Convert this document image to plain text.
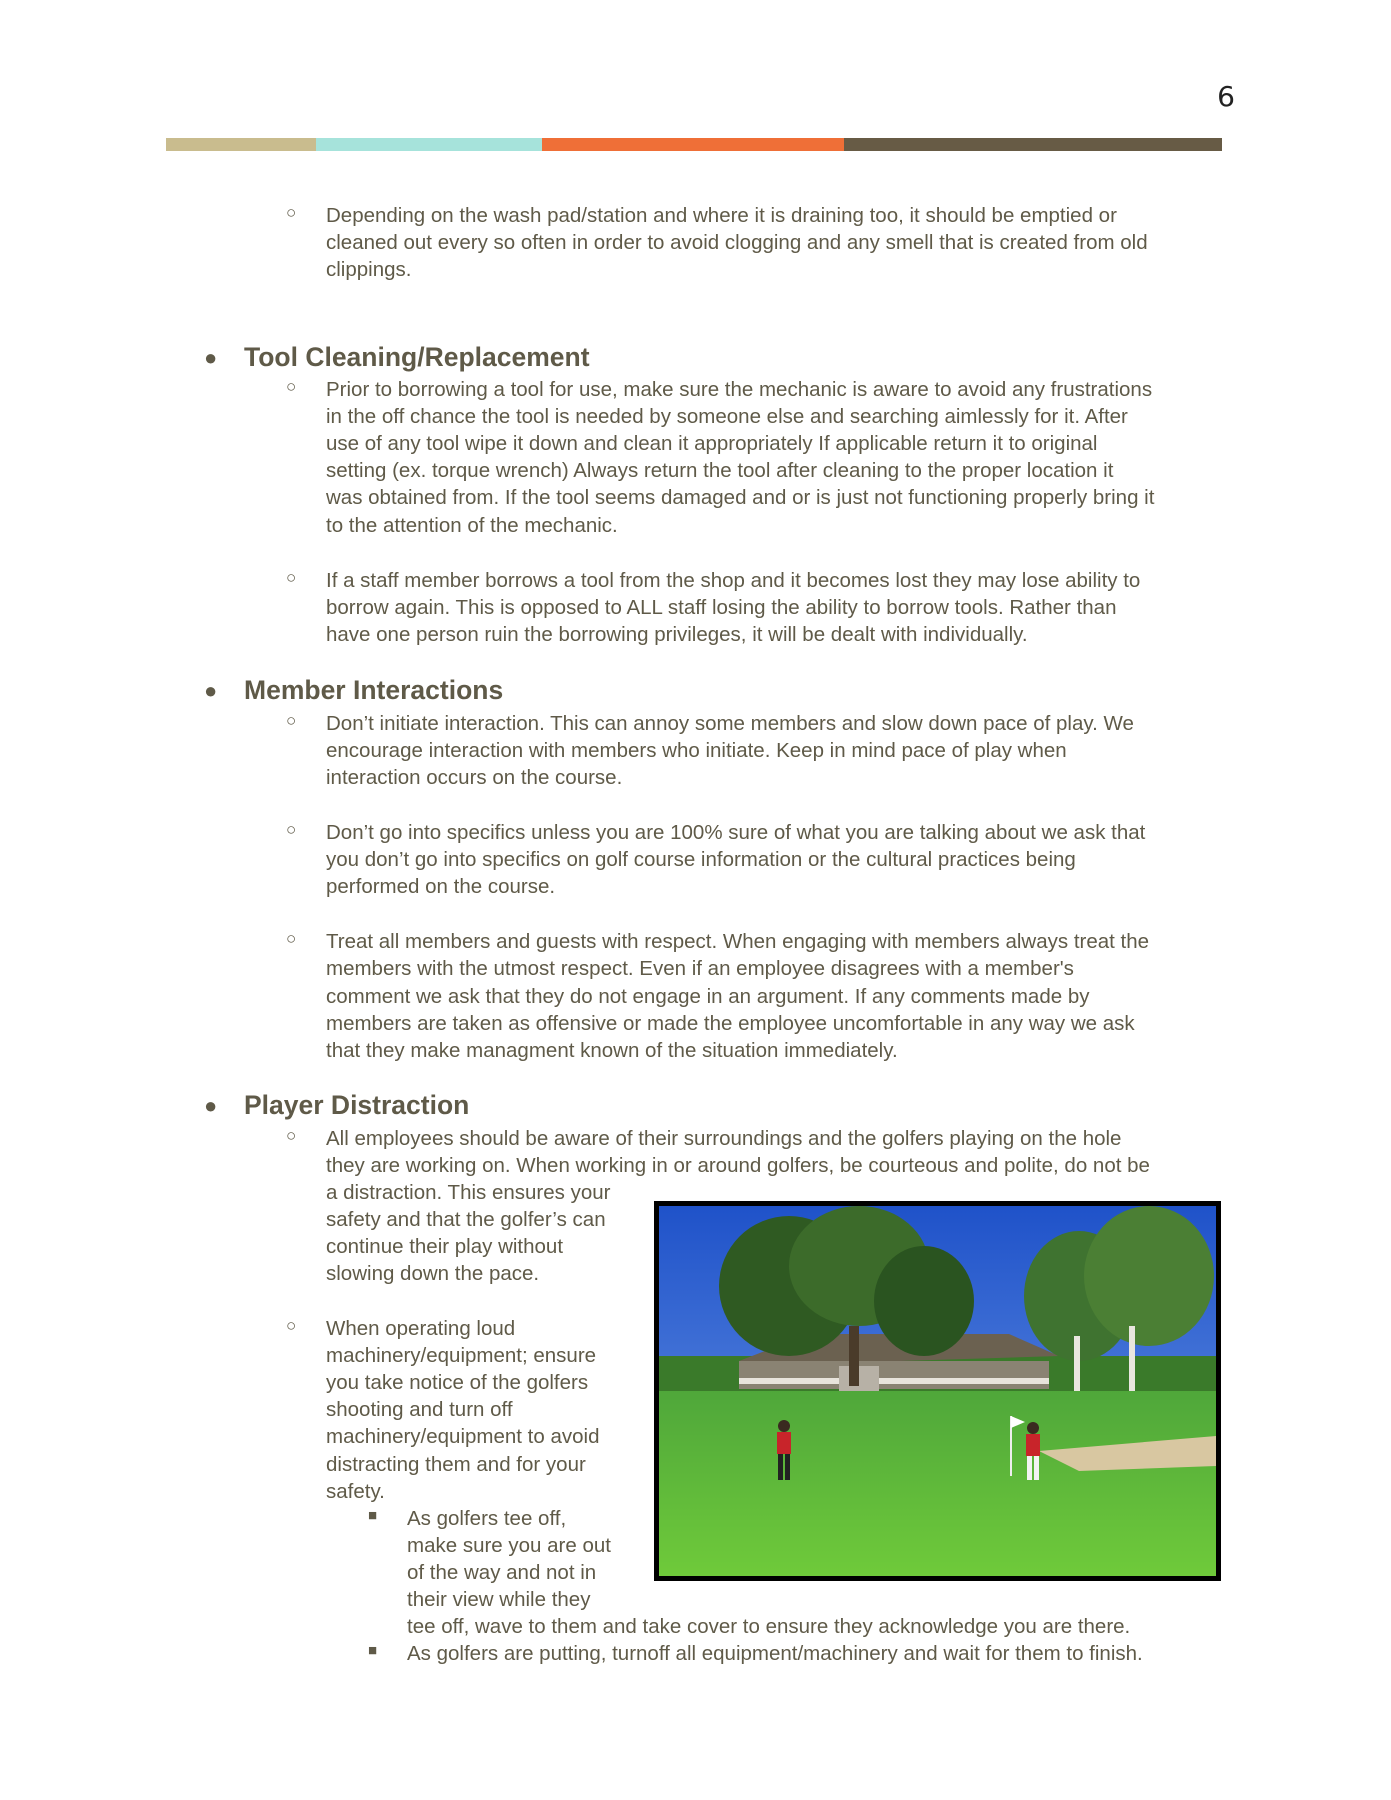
6
○ Depending on the wash pad/station and where it is draining too, it should be emptied or

cleaned out every so often in order to avoid clogging and any smell that is created from old

clippings.

● Tool Cleaning/Replacement
○ Prior to borrowing a tool for use, make sure the mechanic is aware to avoid any frustrations

in the off chance the tool is needed by someone else and searching aimlessly for it. After

use of any tool wipe it down and clean it appropriately If applicable return it to original

setting (ex. torque wrench) Always return the tool after cleaning to the proper location it

was obtained from. If the tool seems damaged and or is just not functioning properly bring it

to the attention of the mechanic.

○ If a staff member borrows a tool from the shop and it becomes lost they may lose ability to

borrow again. This is opposed to ALL staff losing the ability to borrow tools. Rather than

have one person ruin the borrowing privileges, it will be dealt with individually.

● Member Interactions
○ Don’t initiate interaction. This can annoy some members and slow down pace of play. We

encourage interaction with members who initiate. Keep in mind pace of play when

interaction occurs on the course.

○ Don’t go into specifics unless you are 100% sure of what you are talking about we ask that

you don’t go into specifics on golf course information or the cultural practices being

performed on the course.

○ Treat all members and guests with respect. When engaging with members always treat the

members with the utmost respect. Even if an employee disagrees with a member's

comment we ask that they do not engage in an argument. If any comments made by

members are taken as offensive or made the employee uncomfortable in any way we ask

that they make managment known of the situation immediately.

● Player Distraction
○ All employees should be aware of their surroundings and the golfers playing on the hole

they are working on. When working in or around golfers, be courteous and polite, do not be

a distraction. This ensures your

safety and that the golfer’s can

continue their play without

slowing down the pace.

○ When operating loud

machinery/equipment; ensure

you take notice of the golfers

shooting and turn off

machinery/equipment to avoid

distracting them and for your

safety.

■ As golfers tee off,

make sure you are out

of the way and not in

their view while they

tee off, wave to them and take cover to ensure they acknowledge you are there.

■ As golfers are putting, turnoff all equipment/machinery and wait for them to finish.
